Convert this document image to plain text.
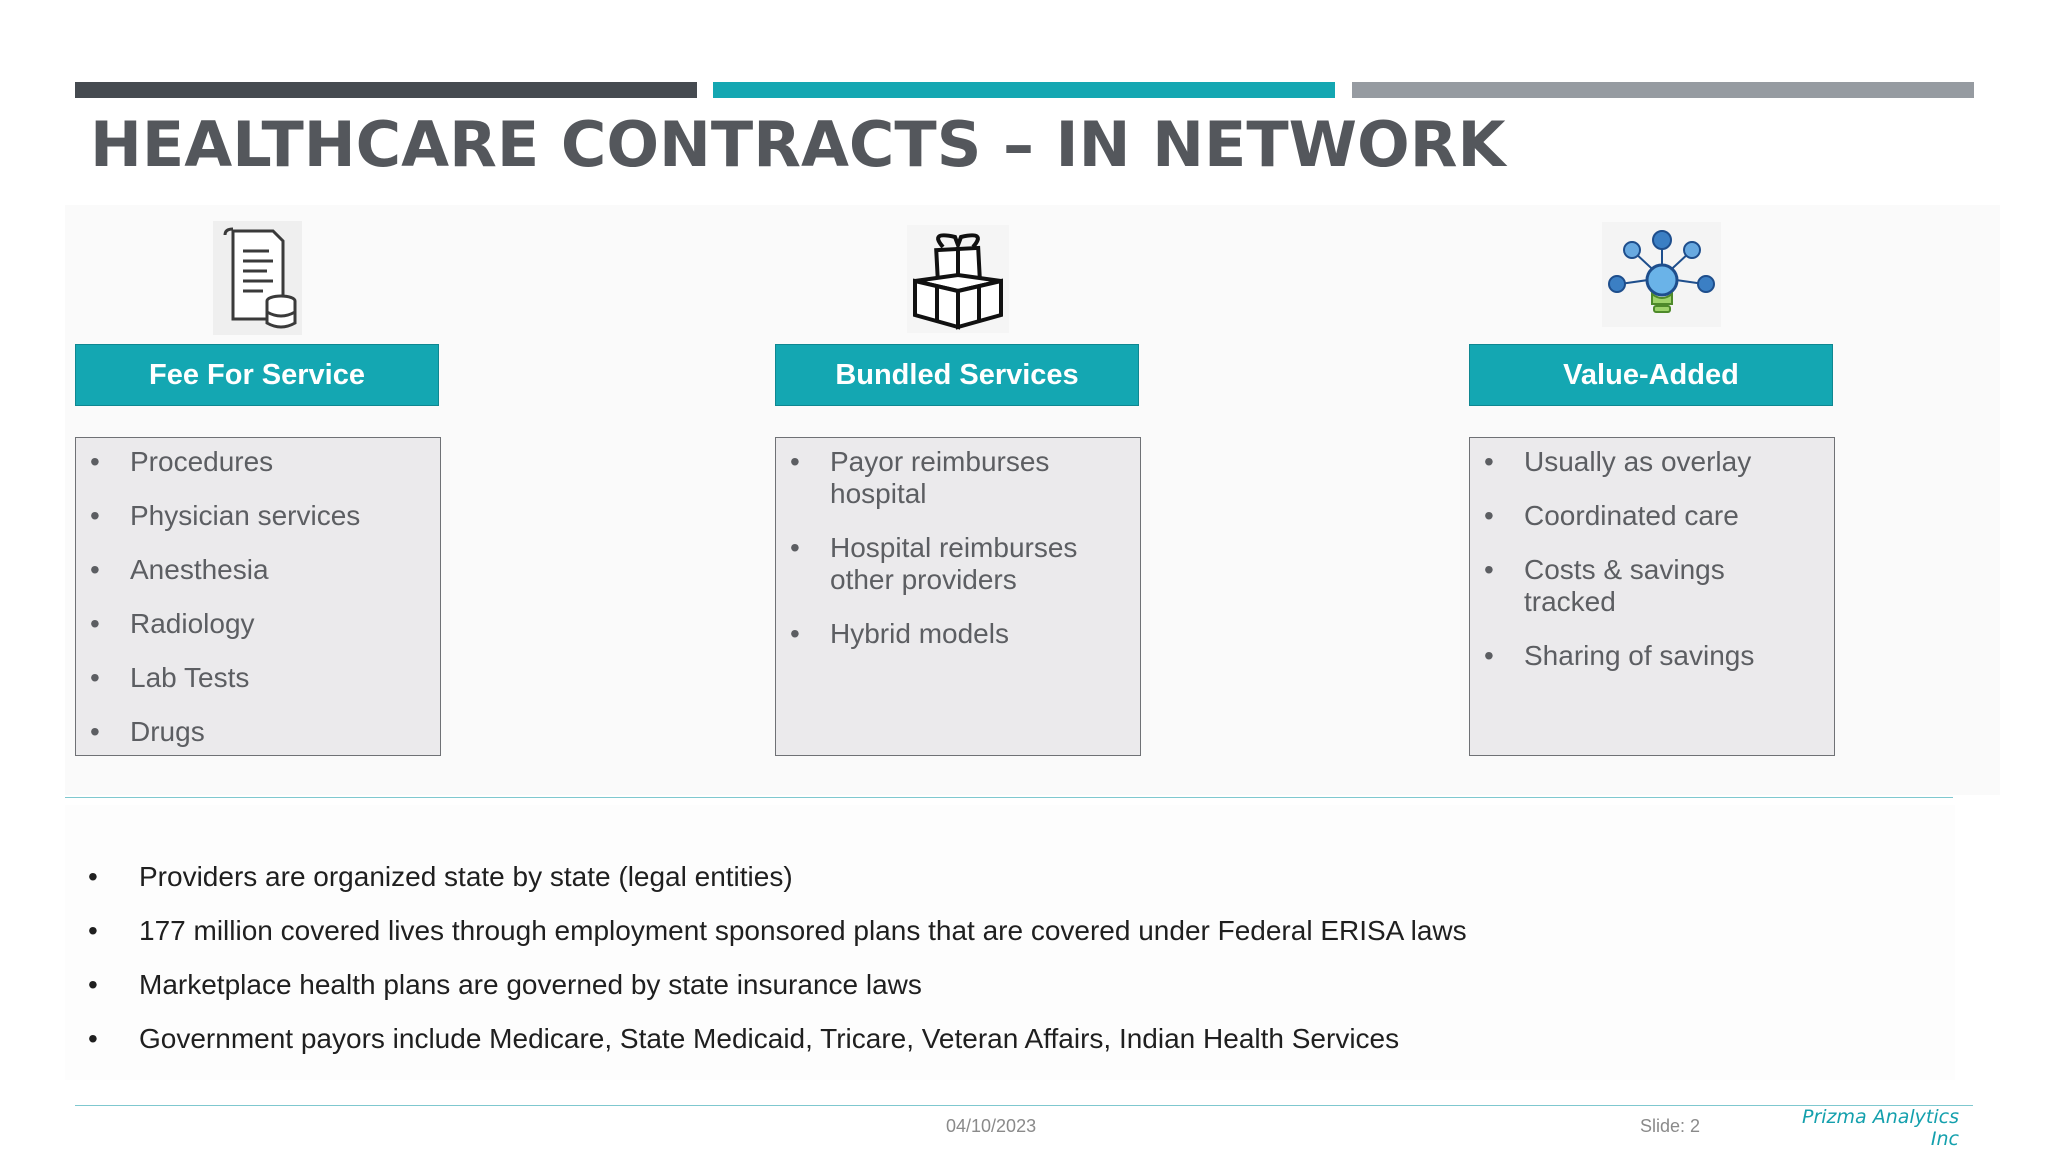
HEALTHCARE CONTRACTS – IN NETWORK
Fee For Service	Bundled Services	Value-Added
• Procedures
• Physician services
• Anesthesia
• Radiology
• Lab Tests
• Drugs
• Payor reimburses hospital
• Hospital reimburses other providers
• Hybrid models
• Usually as overlay
• Coordinated care
• Costs & savings tracked
• Sharing of savings
• Providers are organized state by state (legal entities)
• 177 million covered lives through employment sponsored plans that are covered under Federal ERISA laws
• Marketplace health plans are governed by state insurance laws
• Government payors include Medicare, State Medicaid, Tricare, Veteran Affairs, Indian Health Services
04/10/2023	Slide: 2	Prizma Analytics
Inc
